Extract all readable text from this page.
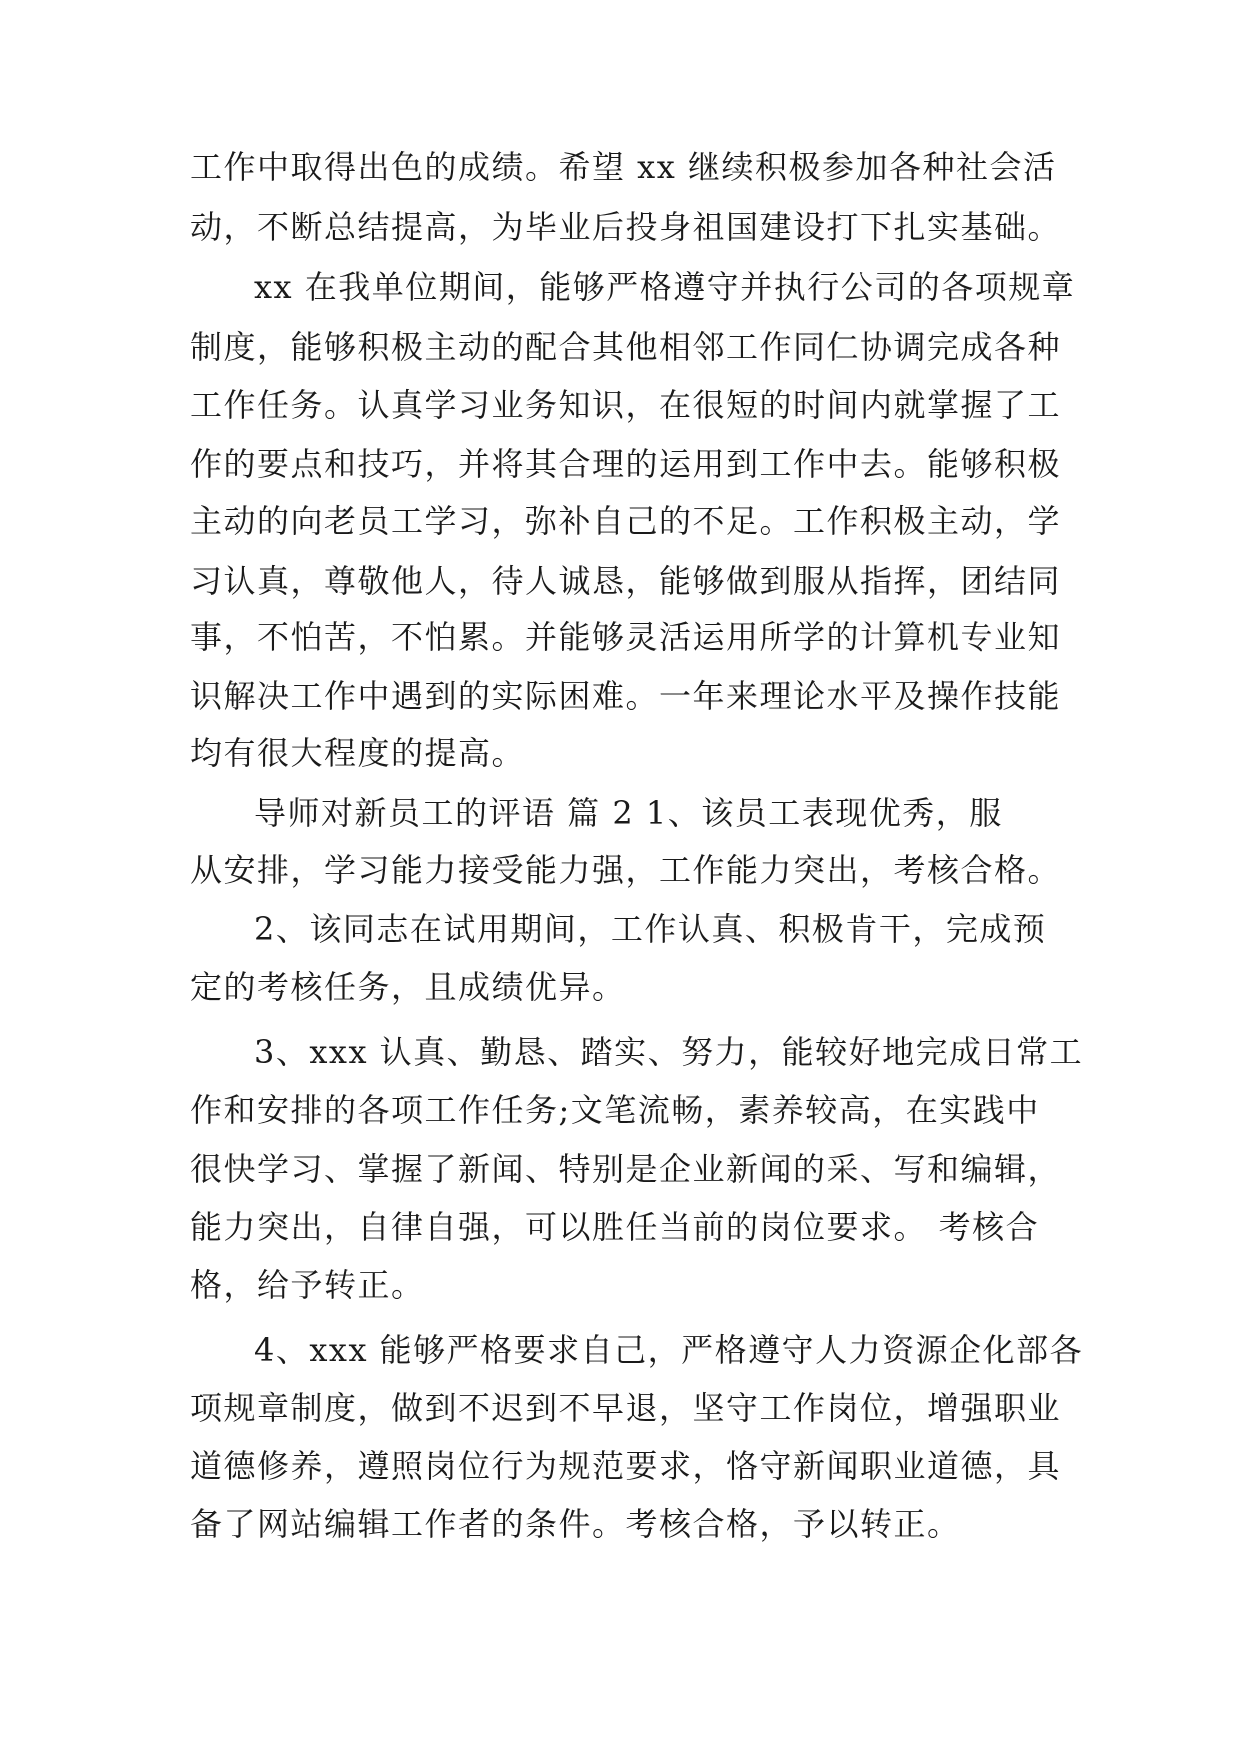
工作中取得出色的成绩。希望 xx 继续积极参加各种社会活
动，不断总结提高，为毕业后投身祖国建设打下扎实基础。
xx 在我单位期间，能够严格遵守并执行公司的各项规章
制度，能够积极主动的配合其他相邻工作同仁协调完成各种
工作任务。认真学习业务知识，在很短的时间内就掌握了工
作的要点和技巧，并将其合理的运用到工作中去。能够积极
主动的向老员工学习，弥补自己的不足。工作积极主动，学
习认真，尊敬他人，待人诚恳，能够做到服从指挥，团结同
事，不怕苦，不怕累。并能够灵活运用所学的计算机专业知
识解决工作中遇到的实际困难。一年来理论水平及操作技能
均有很大程度的提高。
导师对新员工的评语 篇 2 1、该员工表现优秀，服
从安排，学习能力接受能力强，工作能力突出，考核合格。
2、该同志在试用期间，工作认真、积极肯干，完成预
定的考核任务，且成绩优异。
3、xxx 认真、勤恳、踏实、努力，能较好地完成日常工
作和安排的各项工作任务;文笔流畅，素养较高，在实践中
很快学习、掌握了新闻、特别是企业新闻的采、写和编辑，
能力突出，自律自强，可以胜任当前的岗位要求。 考核合
格，给予转正。
4、xxx 能够严格要求自己，严格遵守人力资源企化部各
项规章制度，做到不迟到不早退，坚守工作岗位，增强职业
道德修养，遵照岗位行为规范要求，恪守新闻职业道德，具
备了网站编辑工作者的条件。考核合格，予以转正。
